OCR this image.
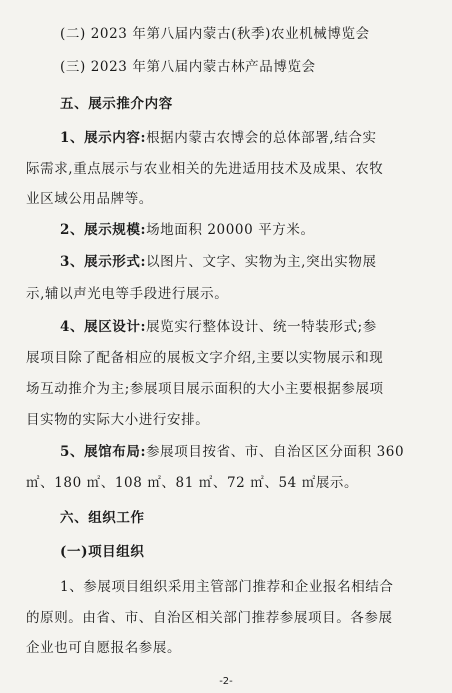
(二) 2023 年第八届内蒙古(秋季)农业机械博览会
(三) 2023 年第八届内蒙古林产品博览会
五、展示推介内容
1、展示内容:根据内蒙古农博会的总体部署,结合实
际需求,重点展示与农业相关的先进适用技术及成果、农牧
业区域公用品牌等。
2、展示规模:场地面积 20000 平方米。
3、展示形式:以图片、文字、实物为主,突出实物展
示,辅以声光电等手段进行展示。
4、展区设计:展览实行整体设计、统一特装形式;参
展项目除了配备相应的展板文字介绍,主要以实物展示和现
场互动推介为主;参展项目展示面积的大小主要根据参展项
目实物的实际大小进行安排。
5、展馆布局:参展项目按省、市、自治区区分面积 360
㎡、180 ㎡、108 ㎡、81 ㎡、72 ㎡、54 ㎡展示。
六、组织工作
(一)项目组织
1、参展项目组织采用主管部门推荐和企业报名相结合
的原则。由省、市、自治区相关部门推荐参展项目。各参展
企业也可自愿报名参展。
-2-
